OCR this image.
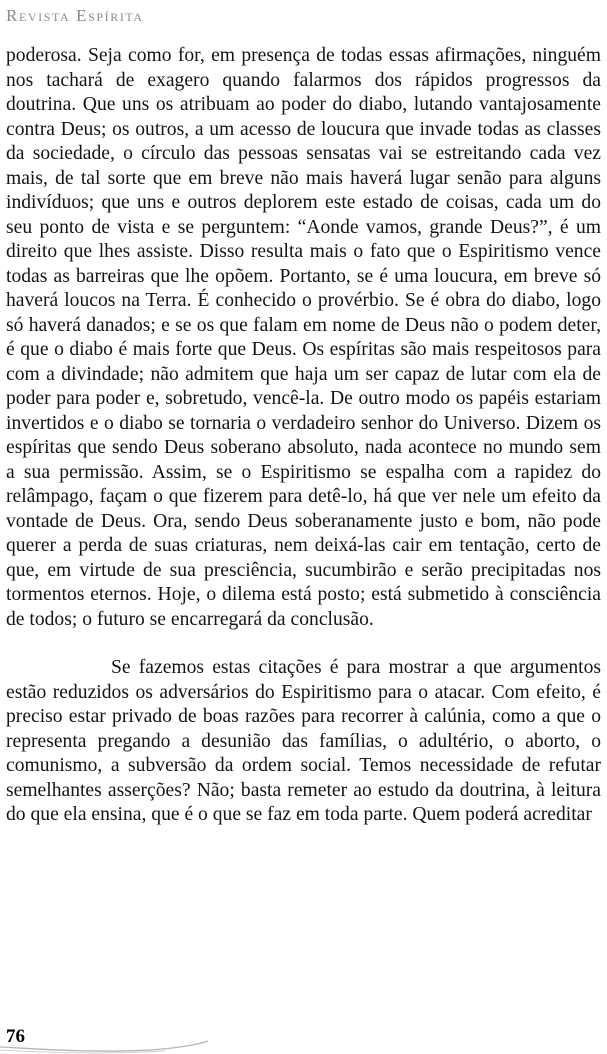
Revista Espírita

poderosa. Seja como for, em presença de todas essas afirmações, ninguém nos tachará de exagero quando falarmos dos rápidos progressos da doutrina. Que uns os atribuam ao poder do diabo, lutando vantajosamente contra Deus; os outros, a um acesso de loucura que invade todas as classes da sociedade, o círculo das pessoas sensatas vai se estreitando cada vez mais, de tal sorte que em breve não mais haverá lugar senão para alguns indivíduos; que uns e outros deplorem este estado de coisas, cada um do seu ponto de vista e se perguntem: “Aonde vamos, grande Deus?”, é um direito que lhes assiste. Disso resulta mais o fato que o Espiritismo vence todas as barreiras que lhe opõem. Portanto, se é uma loucura, em breve só haverá loucos na Terra. É conhecido o provérbio. Se é obra do diabo, logo só haverá danados; e se os que falam em nome de Deus não o podem deter, é que o diabo é mais forte que Deus. Os espíritas são mais respeitosos para com a divindade; não admitem que haja um ser capaz de lutar com ela de poder para poder e, sobretudo, vencê-la. De outro modo os papéis estariam invertidos e o diabo se tornaria o verdadeiro senhor do Universo. Dizem os espíritas que sendo Deus soberano absoluto, nada acontece no mundo sem a sua permissão. Assim, se o Espiritismo se espalha com a rapidez do relâmpago, façam o que fizerem para detê-lo, há que ver nele um efeito da vontade de Deus. Ora, sendo Deus soberanamente justo e bom, não pode querer a perda de suas criaturas, nem deixá-las cair em tentação, certo de que, em virtude de sua presciência, sucumbirão e serão precipitadas nos tormentos eternos. Hoje, o dilema está posto; está submetido à consciência de todos; o futuro se encarregará da conclusão.

Se fazemos estas citações é para mostrar a que argumentos estão reduzidos os adversários do Espiritismo para o atacar. Com efeito, é preciso estar privado de boas razões para recorrer à calúnia, como a que o representa pregando a desunião das famílias, o adultério, o aborto, o comunismo, a subversão da ordem social. Temos necessidade de refutar semelhantes asserções? Não; basta remeter ao estudo da doutrina, à leitura do que ela ensina, que é o que se faz em toda parte. Quem poderá acreditar

76
